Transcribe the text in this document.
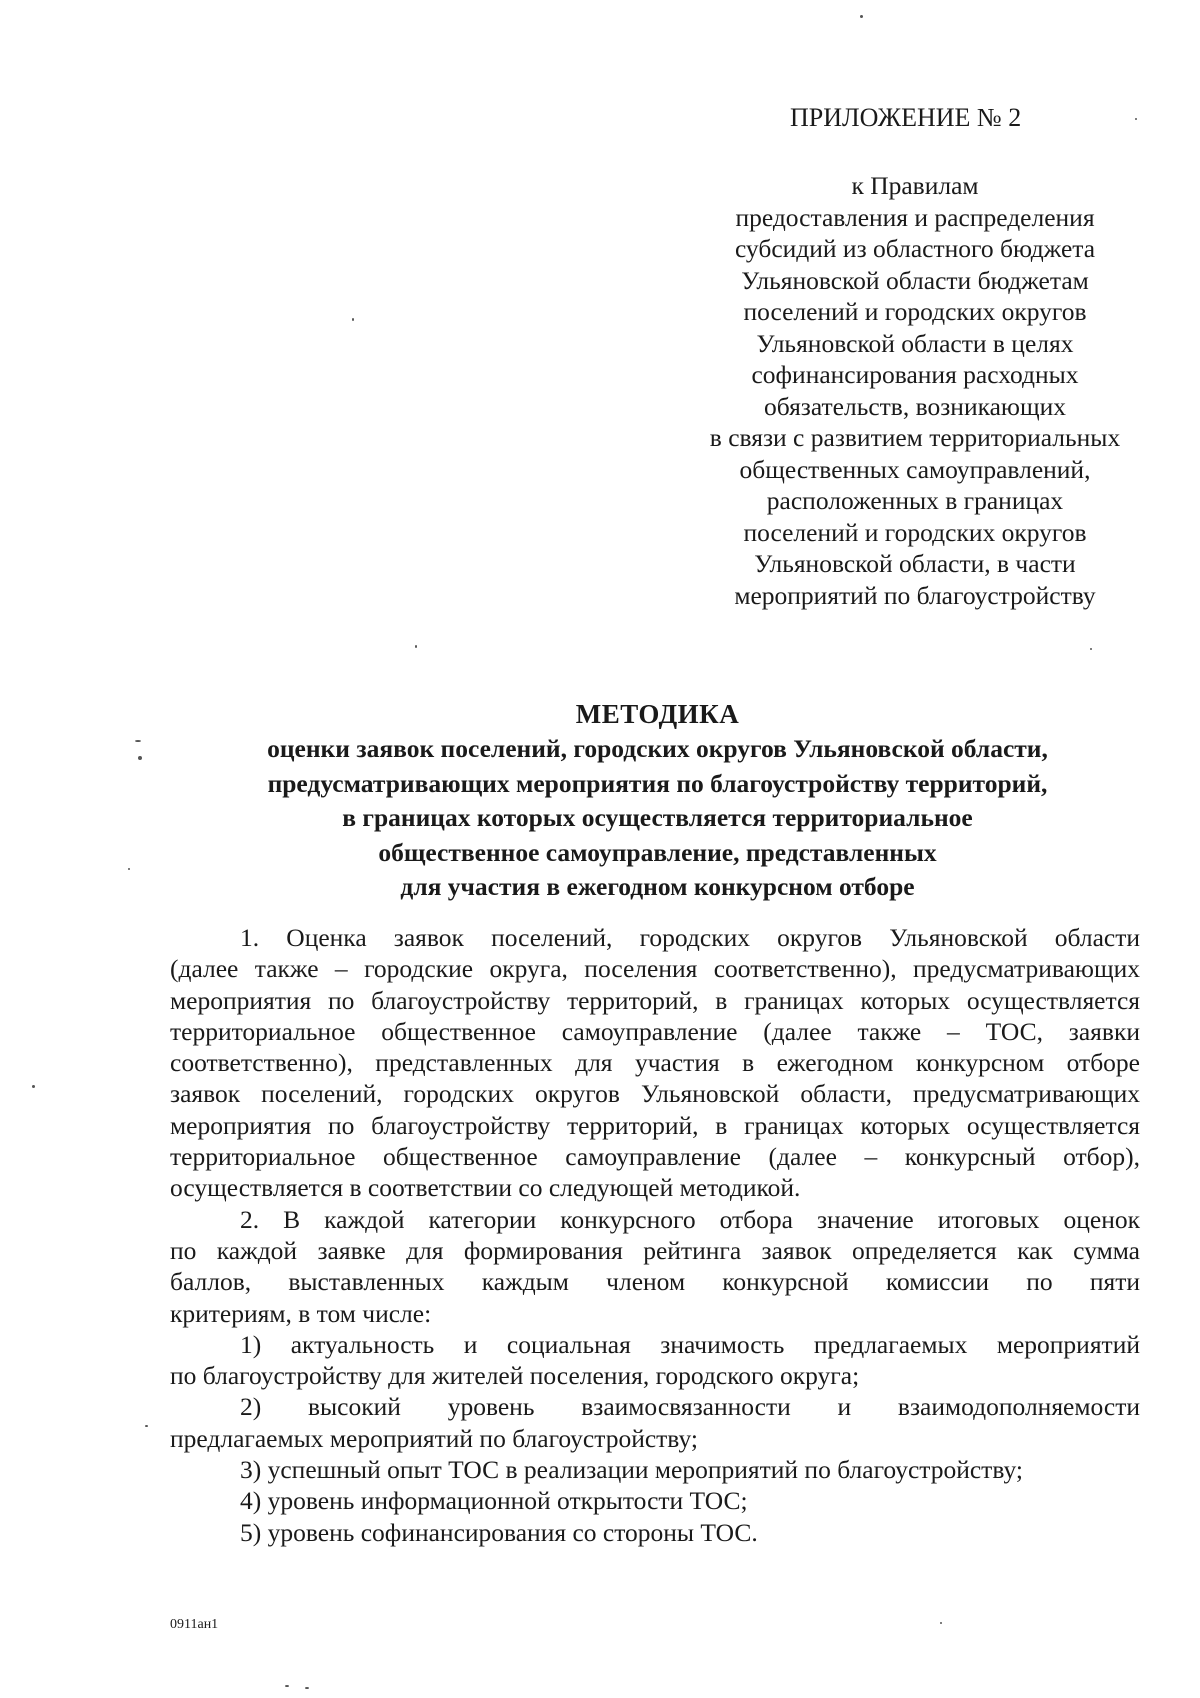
ПРИЛОЖЕНИЕ № 2
к Правилам
предоставления и распределения
субсидий из областного бюджета
Ульяновской области бюджетам
поселений и городских округов
Ульяновской области в целях
софинансирования расходных
обязательств, возникающих
в связи с развитием территориальных
общественных самоуправлений,
расположенных в границах
поселений и городских округов
Ульяновской области, в части
мероприятий по благоустройству
МЕТОДИКА
оценки заявок поселений, городских округов Ульяновской области,
предусматривающих мероприятия по благоустройству территорий,
в границах которых осуществляется территориальное
общественное самоуправление, представленных
для участия в ежегодном конкурсном отборе
1. Оценка заявок поселений, городских округов Ульяновской области
(далее также – городские округа, поселения соответственно), предусматривающих
мероприятия по благоустройству территорий, в границах которых осуществляется
территориальное общественное самоуправление (далее также – ТОС, заявки
соответственно), представленных для участия в ежегодном конкурсном отборе
заявок поселений, городских округов Ульяновской области, предусматривающих
мероприятия по благоустройству территорий, в границах которых осуществляется
территориальное общественное самоуправление (далее – конкурсный отбор),
осуществляется в соответствии со следующей методикой.
2. В каждой категории конкурсного отбора значение итоговых оценок
по каждой заявке для формирования рейтинга заявок определяется как сумма
баллов, выставленных каждым членом конкурсной комиссии по пяти
критериям, в том числе:
1) актуальность и социальная значимость предлагаемых мероприятий
по благоустройству для жителей поселения, городского округа;
2) высокий уровень взаимосвязанности и взаимодополняемости
предлагаемых мероприятий по благоустройству;
3) успешный опыт ТОС в реализации мероприятий по благоустройству;
4) уровень информационной открытости ТОС;
5) уровень софинансирования со стороны ТОС.
0911ан1
